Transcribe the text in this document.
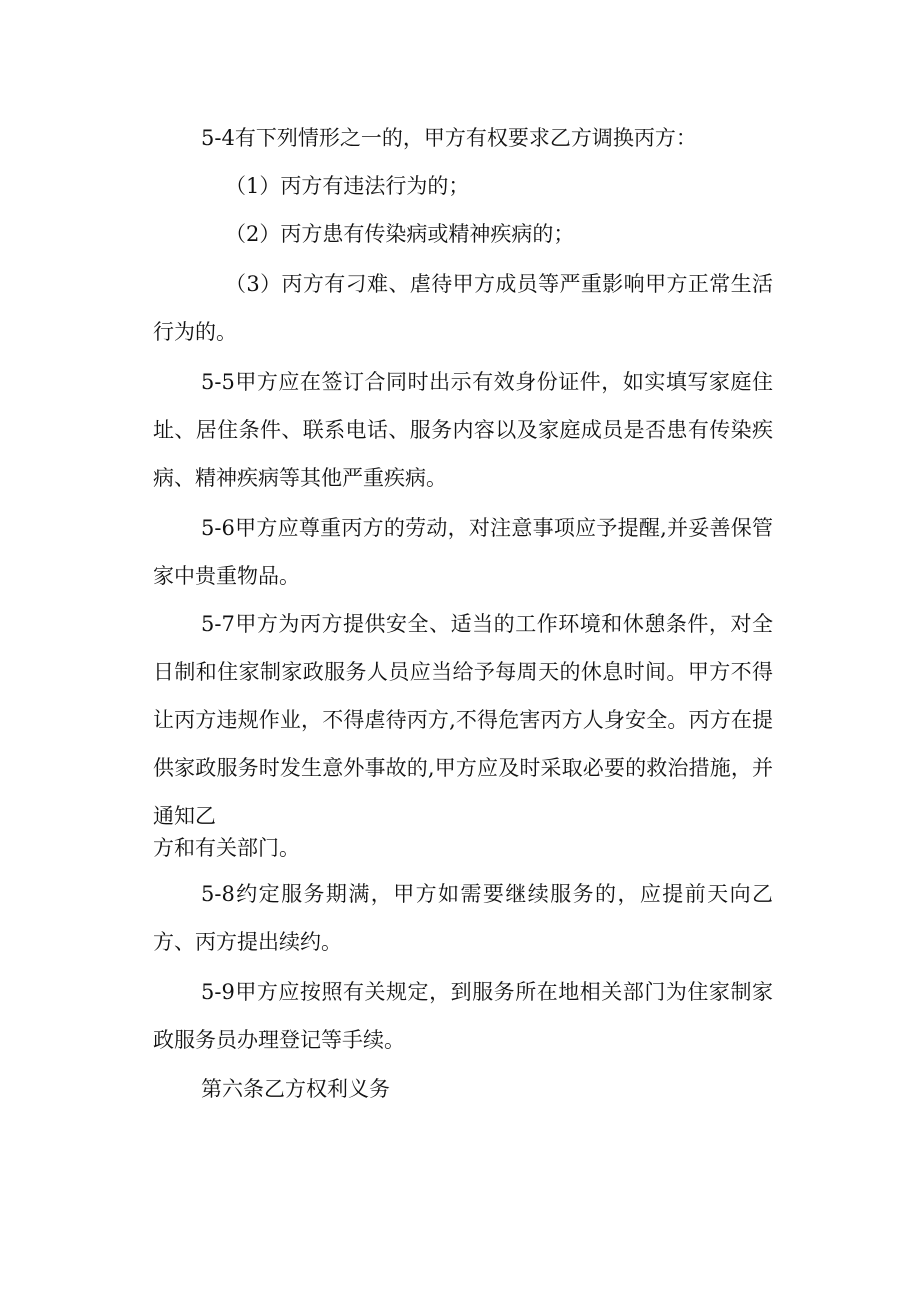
5-4有下列情形之一的，甲方有权要求乙方调换丙方：

（1）丙方有违法行为的；

（2）丙方患有传染病或精神疾病的；

（3）丙方有刁难、虐待甲方成员等严重影响甲方正常生活行为的。

5-5甲方应在签订合同时出示有效身份证件，如实填写家庭住址、居住条件、联系电话、服务内容以及家庭成员是否患有传染疾病、精神疾病等其他严重疾病。

5-6甲方应尊重丙方的劳动，对注意事项应予提醒,并妥善保管家中贵重物品。

5-7甲方为丙方提供安全、适当的工作环境和休憩条件，对全日制和住家制家政服务人员应当给予每周天的休息时间。甲方不得让丙方违规作业，不得虐待丙方,不得危害丙方人身安全。丙方在提供家政服务时发生意外事故的,甲方应及时采取必要的救治措施，并通知乙

方和有关部门。

5-8约定服务期满，甲方如需要继续服务的，应提前天向乙方、丙方提出续约。

5-9甲方应按照有关规定，到服务所在地相关部门为住家制家政服务员办理登记等手续。

第六条乙方权利义务
